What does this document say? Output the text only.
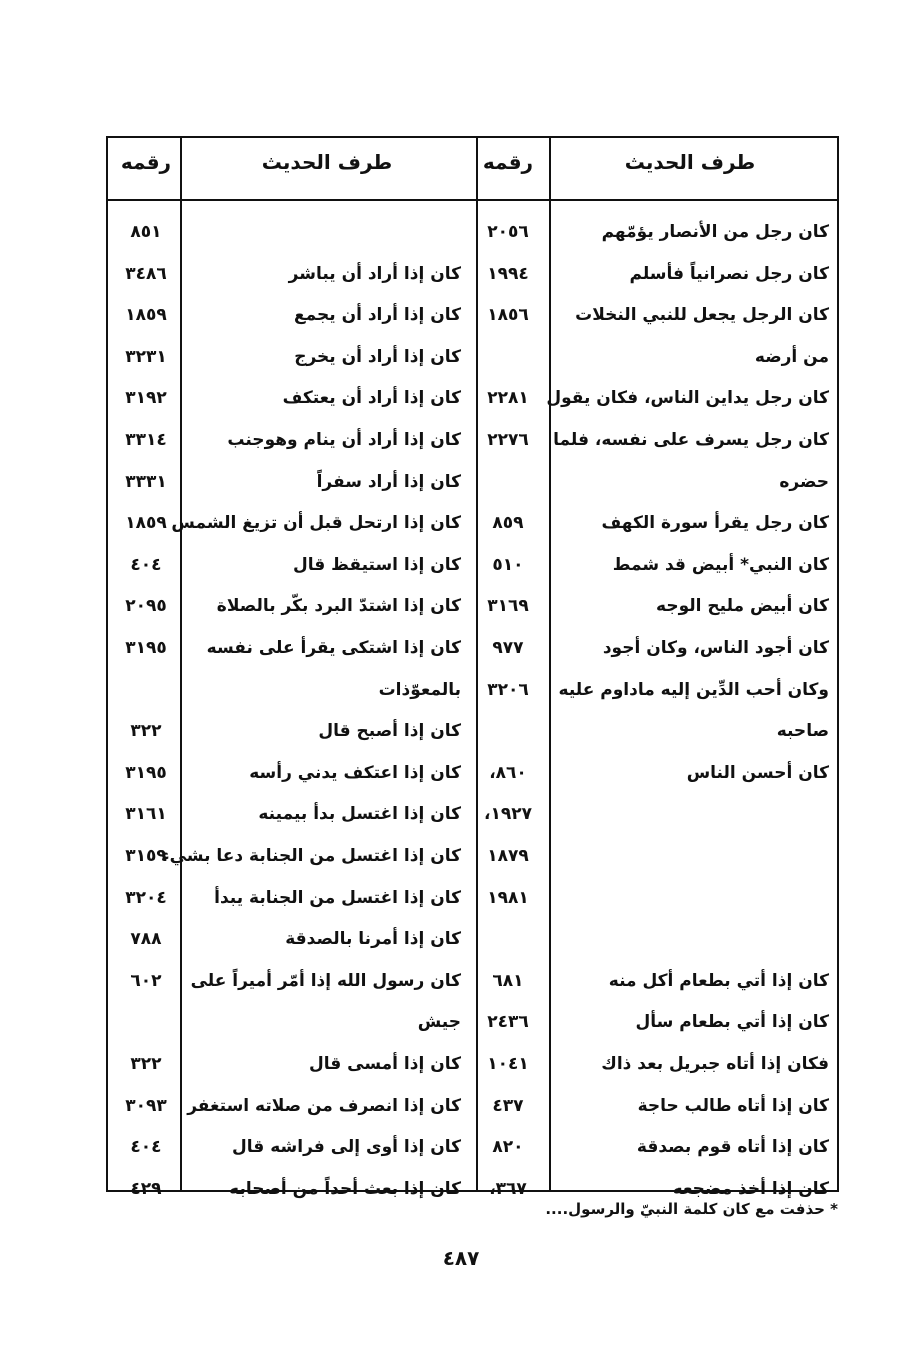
طرف الحديث
رقمه
طرف الحديث
رقمه
كان رجل من الأنصار يؤمّهم
٢٠٥٦
٨٥١
كان رجل نصرانياً فأسلم
١٩٩٤
كان إذا أراد أن يباشر
٣٤٨٦
كان الرجل يجعل للنبي النخلات
١٨٥٦
كان إذا أراد أن يجمع
١٨٥٩
من أرضه
كان إذا أراد أن يخرج
٣٢٣١
كان رجل يداين الناس، فكان يقول
٢٢٨١
كان إذا أراد أن يعتكف
٣١٩٢
كان رجل يسرف على نفسه، فلما
٢٢٧٦
كان إذا أراد أن ينام وهوجنب
٣٣١٤
حضره
كان إذا أراد سفراً
٣٣٣١
كان رجل يقرأ سورة الكهف
٨٥٩
كان إذا ارتحل قبل أن تزيغ الشمس
١٨٥٩
كان النبي* أبيض قد شمط
٥١٠
كان إذا استيقظ قال
٤٠٤
كان أبيض مليح الوجه
٣١٦٩
كان إذا اشتدّ البرد بكّر بالصلاة
٢٠٩٥
كان أجود الناس، وكان أجود
٩٧٧
كان إذا اشتكى يقرأ على نفسه
٣١٩٥
وكان أحب الدِّين إليه ماداوم عليه
٣٢٠٦
بالمعوّذات
صاحبه
كان إذا أصبح قال
٣٢٢
كان أحسن الناس
٨٦٠،
كان إذا اعتكف يدني رأسه
٣١٩٥
١٩٢٧،
كان إذا اغتسل بدأ بيمينه
٣١٦١
١٨٧٩
كان إذا اغتسل من الجنابة دعا بشيء
٣١٥٩
١٩٨١
كان إذا اغتسل من الجنابة يبدأ
٣٢٠٤
كان إذا أمرنا بالصدقة
٧٨٨
كان إذا أتي بطعام أكل منه
٦٨١
كان رسول الله إذا أمّر أميراً على
٦٠٢
كان إذا أتي بطعام سأل
٢٤٣٦
جيش
فكان إذا أتاه جبريل بعد ذاك
١٠٤١
كان إذا أمسى قال
٣٢٢
كان إذا أتاه طالب حاجة
٤٣٧
كان إذا انصرف من صلاته استغفر
٣٠٩٣
كان إذا أتاه قوم بصدقة
٨٢٠
كان إذا أوى إلى فراشه قال
٤٠٤
كان إذا أخذ مضجعه
٣٦٧،
كان إذا بعث أحداً من أصحابه
٤٢٩
* حذفت مع كان كلمة النبيّ والرسول....
٤٨٧
